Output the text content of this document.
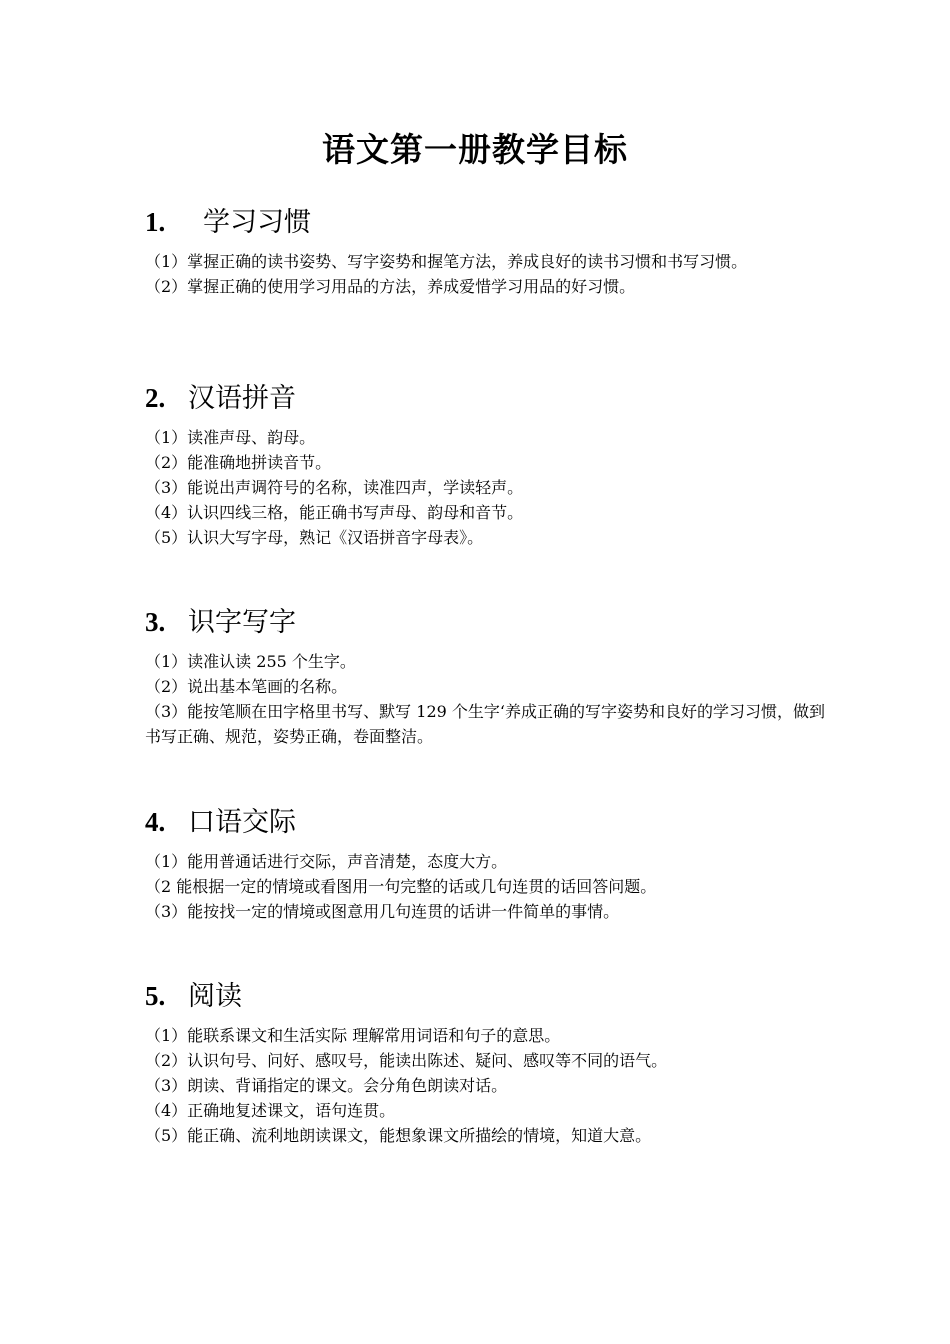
语文第一册教学目标
1. 学习习惯

（1）掌握正确的读书姿势、写字姿势和握笔方法，养成良好的读书习惯和书写习惯。

（2）掌握正确的使用学习用品的方法，养成爱惜学习用品的好习惯。

2. 汉语拼音

（1）读准声母、韵母。

（2）能准确地拼读音节。

（3）能说出声调符号的名称，读准四声，学读轻声。

（4）认识四线三格，能正确书写声母、韵母和音节。

（5）认识大写字母，熟记《汉语拼音字母表》。

3. 识字写字

（1）读准认读 255 个生字。

（2）说出基本笔画的名称。

（3）能按笔顺在田字格里书写、默写 129 个生字‘养成正确的写字姿势和良好的学习习惯，做到书写正确、规范，姿势正确，卷面整洁。

4. 口语交际

（1）能用普通话进行交际，声音清楚，态度大方。

（2 能根据一定的情境或看图用一句完整的话或几句连贯的话回答问题。

（3）能按找一定的情境或图意用几句连贯的话讲一件简单的事情。

5. 阅读

（1）能联系课文和生活实际 理解常用词语和句子的意思。

（2）认识句号、问好、感叹号，能读出陈述、疑问、感叹等不同的语气。

（3）朗读、背诵指定的课文。会分角色朗读对话。

（4）正确地复述课文，语句连贯。

（5）能正确、流利地朗读课文，能想象课文所描绘的情境，知道大意。
